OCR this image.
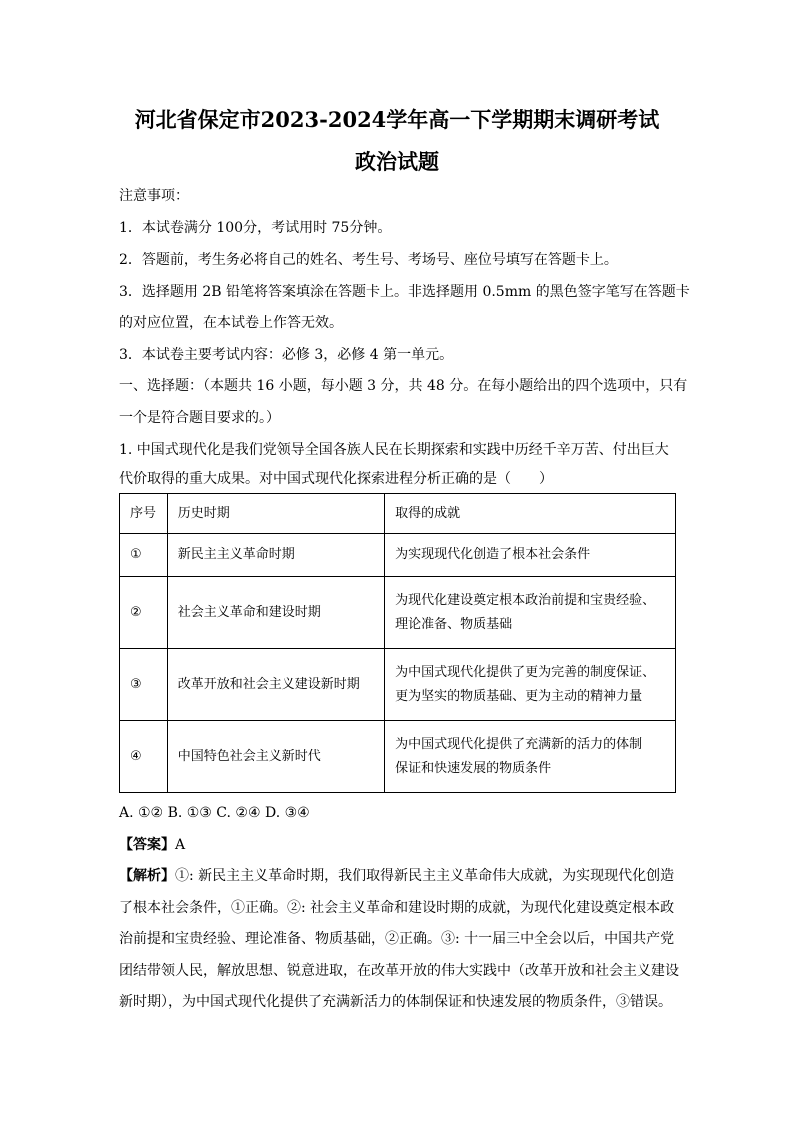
河北省保定市2023-2024学年高一下学期期末调研考试
政治试题
注意事项：
1．本试卷满分 100分，考试用时 75分钟。
2．答题前，考生务必将自己的姓名、考生号、考场号、座位号填写在答题卡上。
3．选择题用 2B 铅笔将答案填涂在答题卡上。非选择题用 0.5mm 的黑色签字笔写在答题卡
的对应位置，在本试卷上作答无效。
3．本试卷主要考试内容：必修 3，必修 4 第一单元。
一、选择题：（本题共 16 小题，每小题 3 分，共 48 分。在每小题给出的四个选项中，只有
一个是符合题目要求的。）
1. 中国式现代化是我们党领导全国各族人民在长期探索和实践中历经千辛万苦、付出巨大
代价取得的重大成果。对中国式现代化探索进程分析正确的是（　　）
序号	历史时期	取得的成就
①	新民主主义革命时期	为实现现代化创造了根本社会条件
②	社会主义革命和建设时期	为现代化建设奠定根本政治前提和宝贵经验、
理论准备、物质基础
③	改革开放和社会主义建设新时期	为中国式现代化提供了更为完善的制度保证、
更为坚实的物质基础、更为主动的精神力量
④	中国特色社会主义新时代	为中国式现代化提供了充满新的活力的体制
保证和快速发展的物质条件
A. ①② B. ①③ C. ②④ D. ③④
【答案】A
【解析】①: 新民主主义革命时期，我们取得新民主主义革命伟大成就，为实现现代化创造
了根本社会条件，①正确。②: 社会主义革命和建设时期的成就，为现代化建设奠定根本政
治前提和宝贵经验、理论准备、物质基础，②正确。③: 十一届三中全会以后，中国共产党
团结带领人民，解放思想、锐意进取，在改革开放的伟大实践中（改革开放和社会主义建设
新时期），为中国式现代化提供了充满新活力的体制保证和快速发展的物质条件，③错误。
